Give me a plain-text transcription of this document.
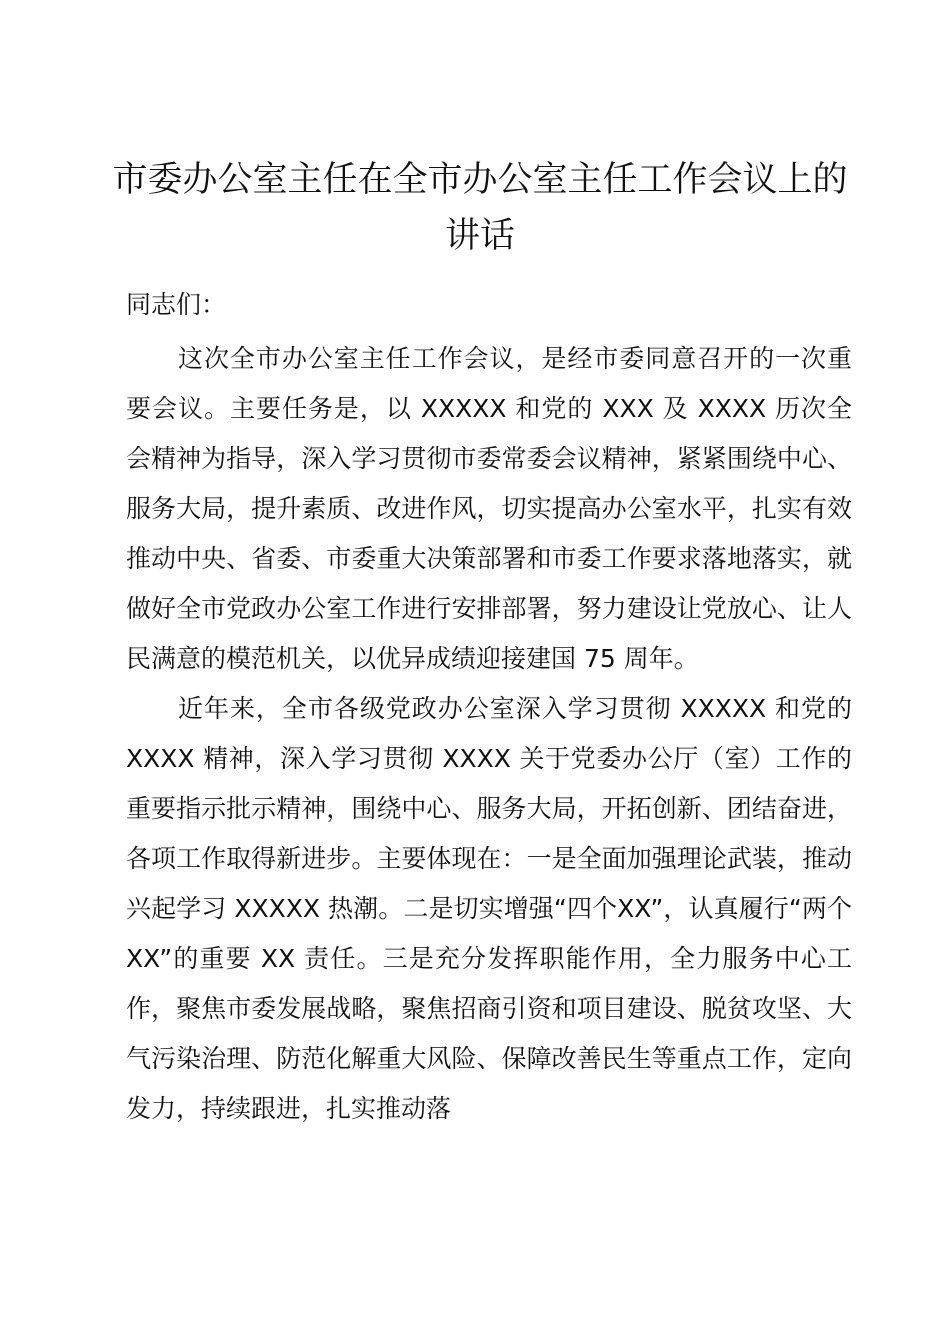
市委办公室主任在全市办公室主任工作会议上的讲话

同志们：

这次全市办公室主任工作会议，是经市委同意召开的一次重要会议。主要任务是，以 XXXXX 和党的 XXX 及 XXXX 历次全会精神为指导，深入学习贯彻市委常委会议精神，紧紧围绕中心、服务大局，提升素质、改进作风，切实提高办公室水平，扎实有效推动中央、省委、市委重大决策部署和市委工作要求落地落实，就做好全市党政办公室工作进行安排部署，努力建设让党放心、让人民满意的模范机关，以优异成绩迎接建国 75 周年。

近年来，全市各级党政办公室深入学习贯彻 XXXXX 和党的 XXXX 精神，深入学习贯彻 XXXX 关于党委办公厅（室）工作的重要指示批示精神，围绕中心、服务大局，开拓创新、团结奋进，各项工作取得新进步。主要体现在：一是全面加强理论武装，推动兴起学习 XXXXX 热潮。二是切实增强“四个XX”，认真履行“两个 XX”的重要 XX 责任。三是充分发挥职能作用，全力服务中心工作，聚焦市委发展战略，聚焦招商引资和项目建设、脱贫攻坚、大气污染治理、防范化解重大风险、保障改善民生等重点工作，定向发力，持续跟进，扎实推动落
